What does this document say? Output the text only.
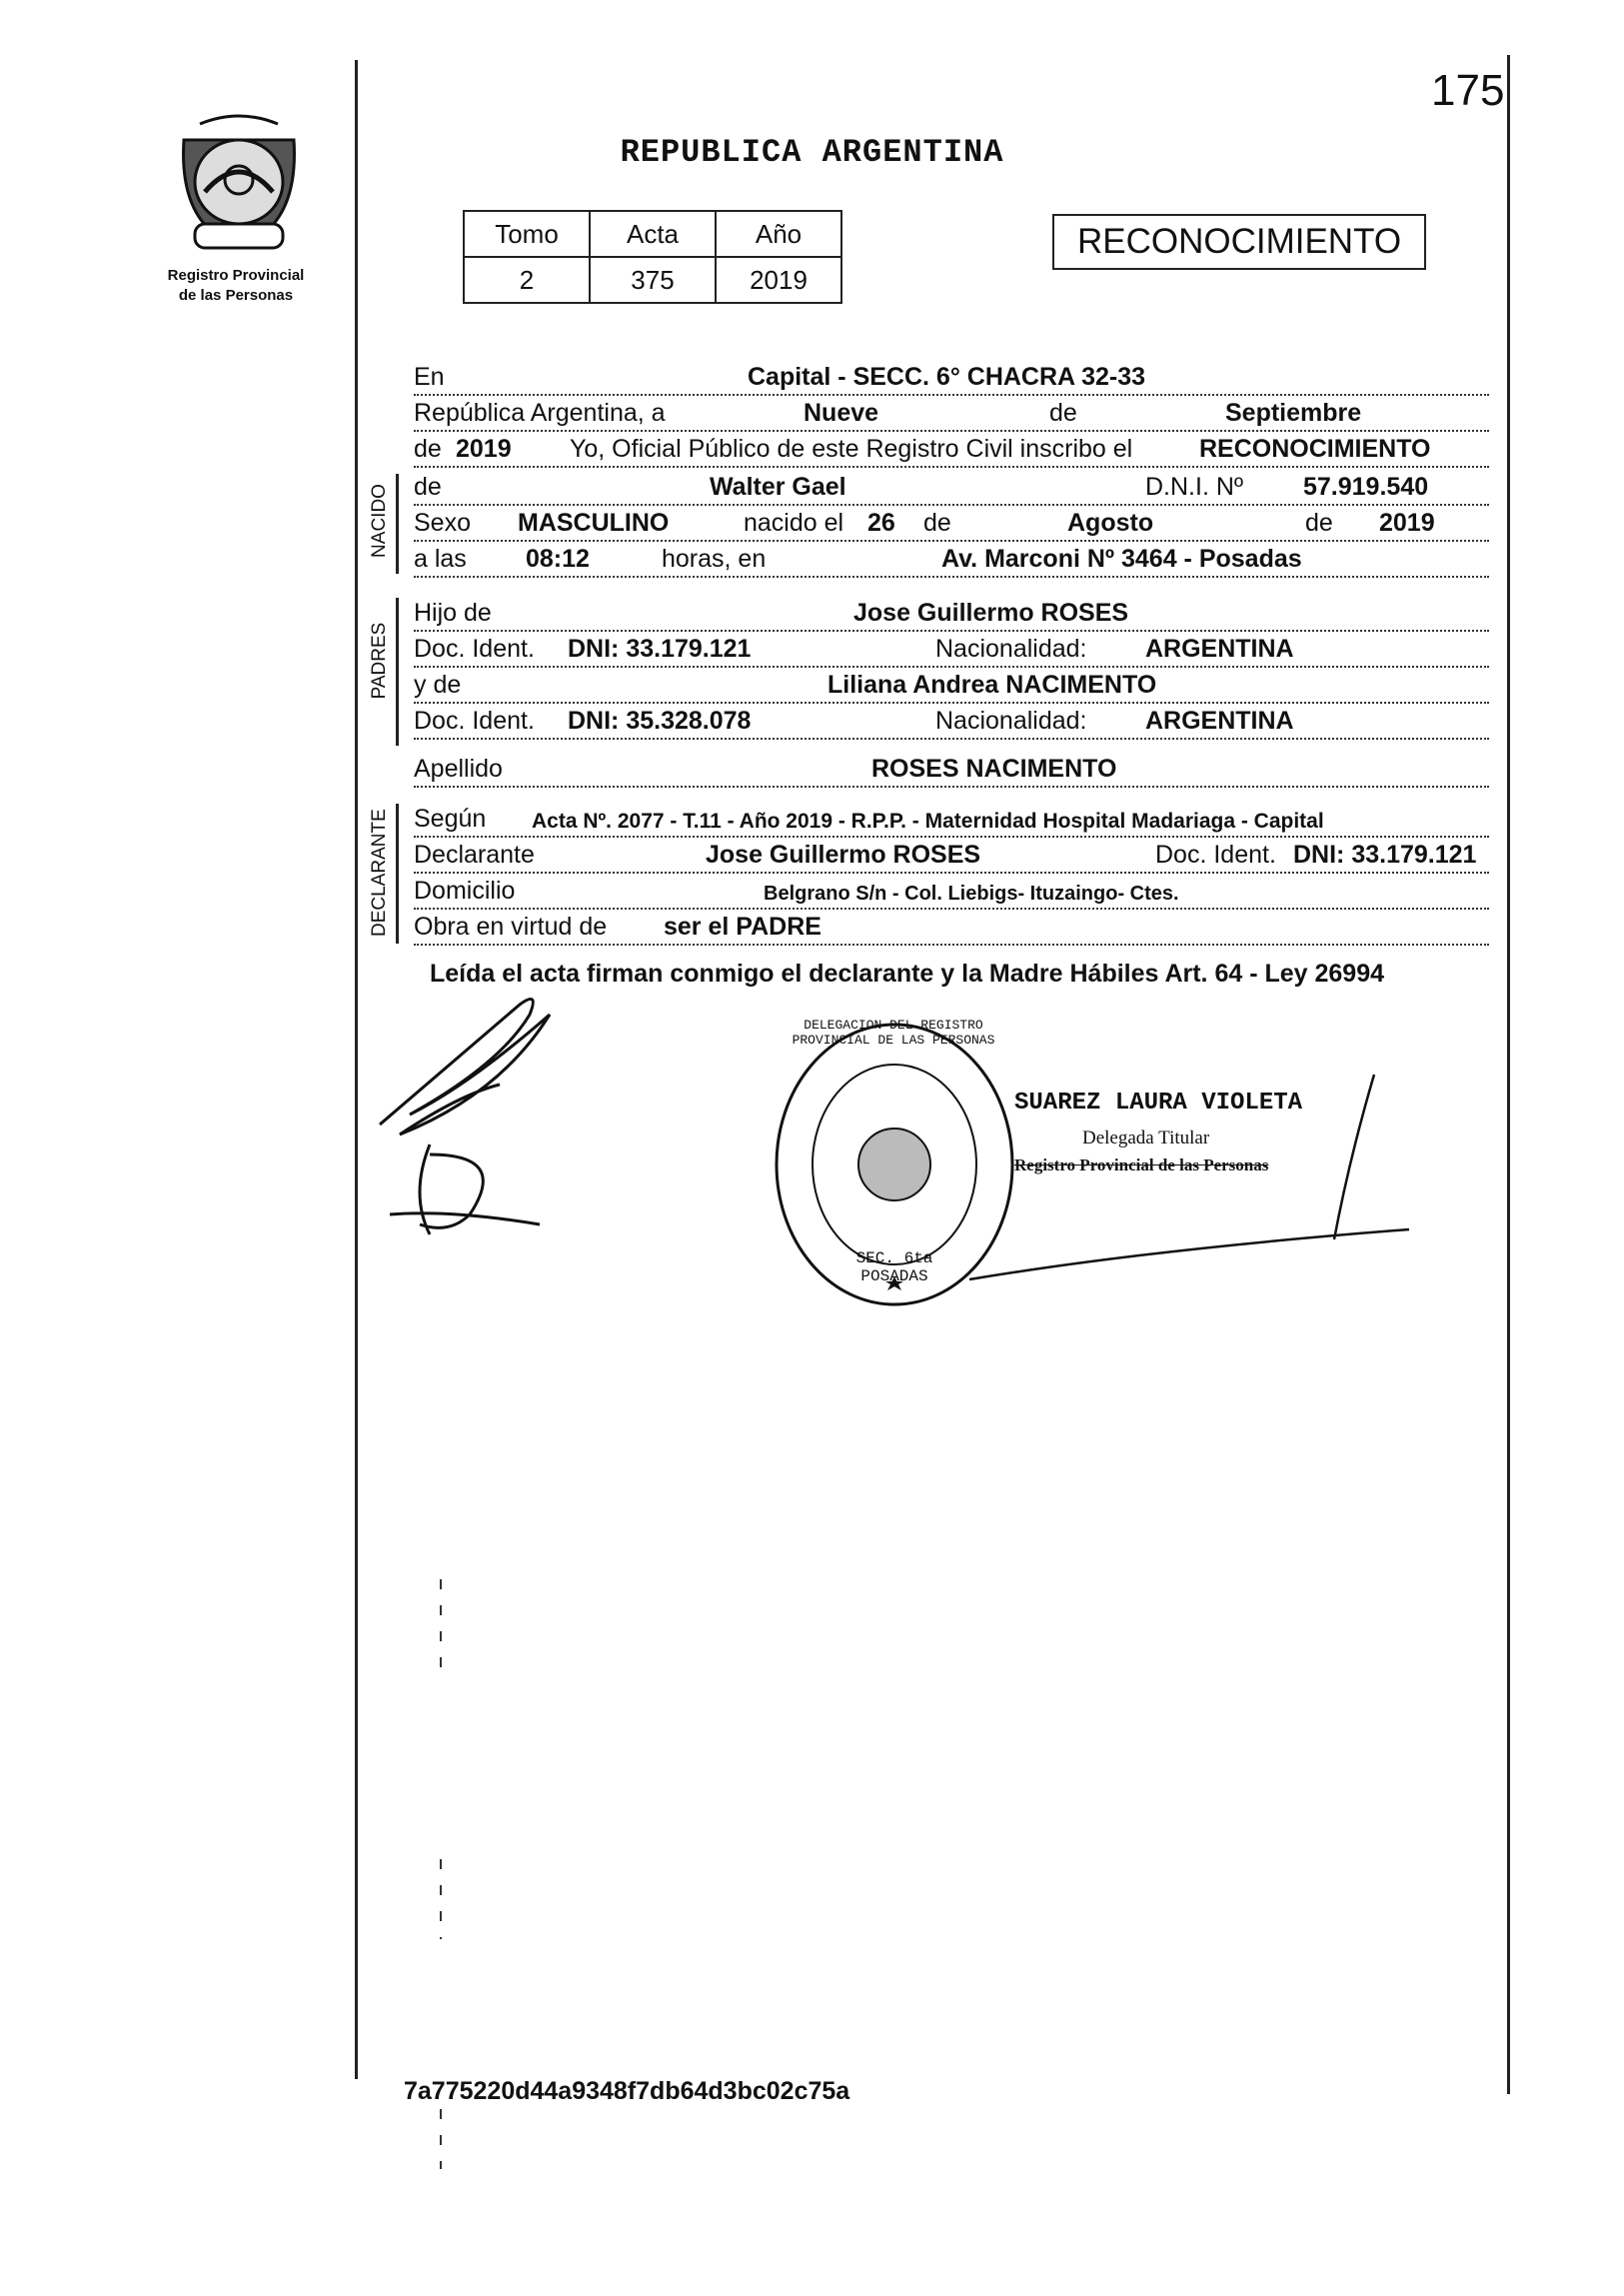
175
Registro Provincial
de las Personas
REPUBLICA ARGENTINA
Tomo	Acta	Año
2	375	2019
RECONOCIMIENTO
En	Capital - SECC. 6° CHACRA 32-33
República Argentina, a	Nueve	de	Septiembre
de 2019 Yo, Oficial Público de este Registro Civil inscribo el	RECONOCIMIENTO
de	Walter Gael	D.N.I. Nº 57.919.540
Sexo MASCULINO	nacido el 26 de	Agosto	de 2019
a las 08:12	horas, en	Av. Marconi Nº 3464 - Posadas
Hijo de	Jose Guillermo ROSES
Doc. Ident. DNI: 33.179.121	Nacionalidad: ARGENTINA
y de	Liliana Andrea NACIMENTO
Doc. Ident. DNI: 35.328.078	Nacionalidad: ARGENTINA
Apellido	ROSES NACIMENTO
Según Acta Nº. 2077 - T.11 - Año 2019 - R.P.P. - Maternidad Hospital Madariaga - Capital
Declarante	Jose Guillermo ROSES	Doc. Ident. DNI: 33.179.121
Domicilio	Belgrano S/n - Col. Liebigs- Ituzaingo- Ctes.
Obra en virtud de ser el PADRE
NACIDO
PADRES
DECLARANTE
Leída el acta firman conmigo el declarante y la Madre Hábiles Art. 64 - Ley 26994
DELEGACION DEL REGISTRO PROVINCIAL DE LAS PERSONAS
SEC. 6ta POSADAS
SUAREZ LAURA VIOLETA
Delegada Titular
Registro Provincial de las Personas
7a775220d44a9348f7db64d3bc02c75a
